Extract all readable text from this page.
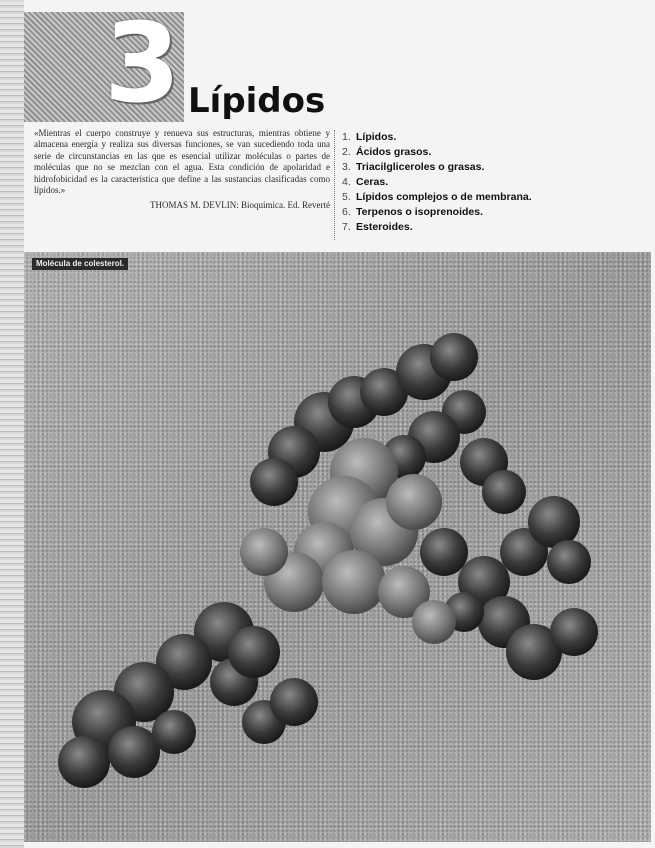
3 Lípidos

«Mientras el cuerpo construye y renueva sus estructuras, mientras obtiene y almacena energía y realiza sus diversas funciones, se van sucediendo toda una serie de circunstancias en las que es esencial utilizar moléculas o partes de moléculas que no se mezclan con el agua. Esta condición de apolaridad e hidrofobicidad es la característica que define a las sustancias clasificadas como lípidos.»

THOMAS M. DEVLIN: Bioquímica. Ed. Reverté
1. Lípidos.
2. Ácidos grasos.
3. Triacilgliceroles o grasas.
4. Ceras.
5. Lípidos complejos o de membrana.
6. Terpenos o isoprenoides.
7. Esteroides.
Molécula de colesterol.
